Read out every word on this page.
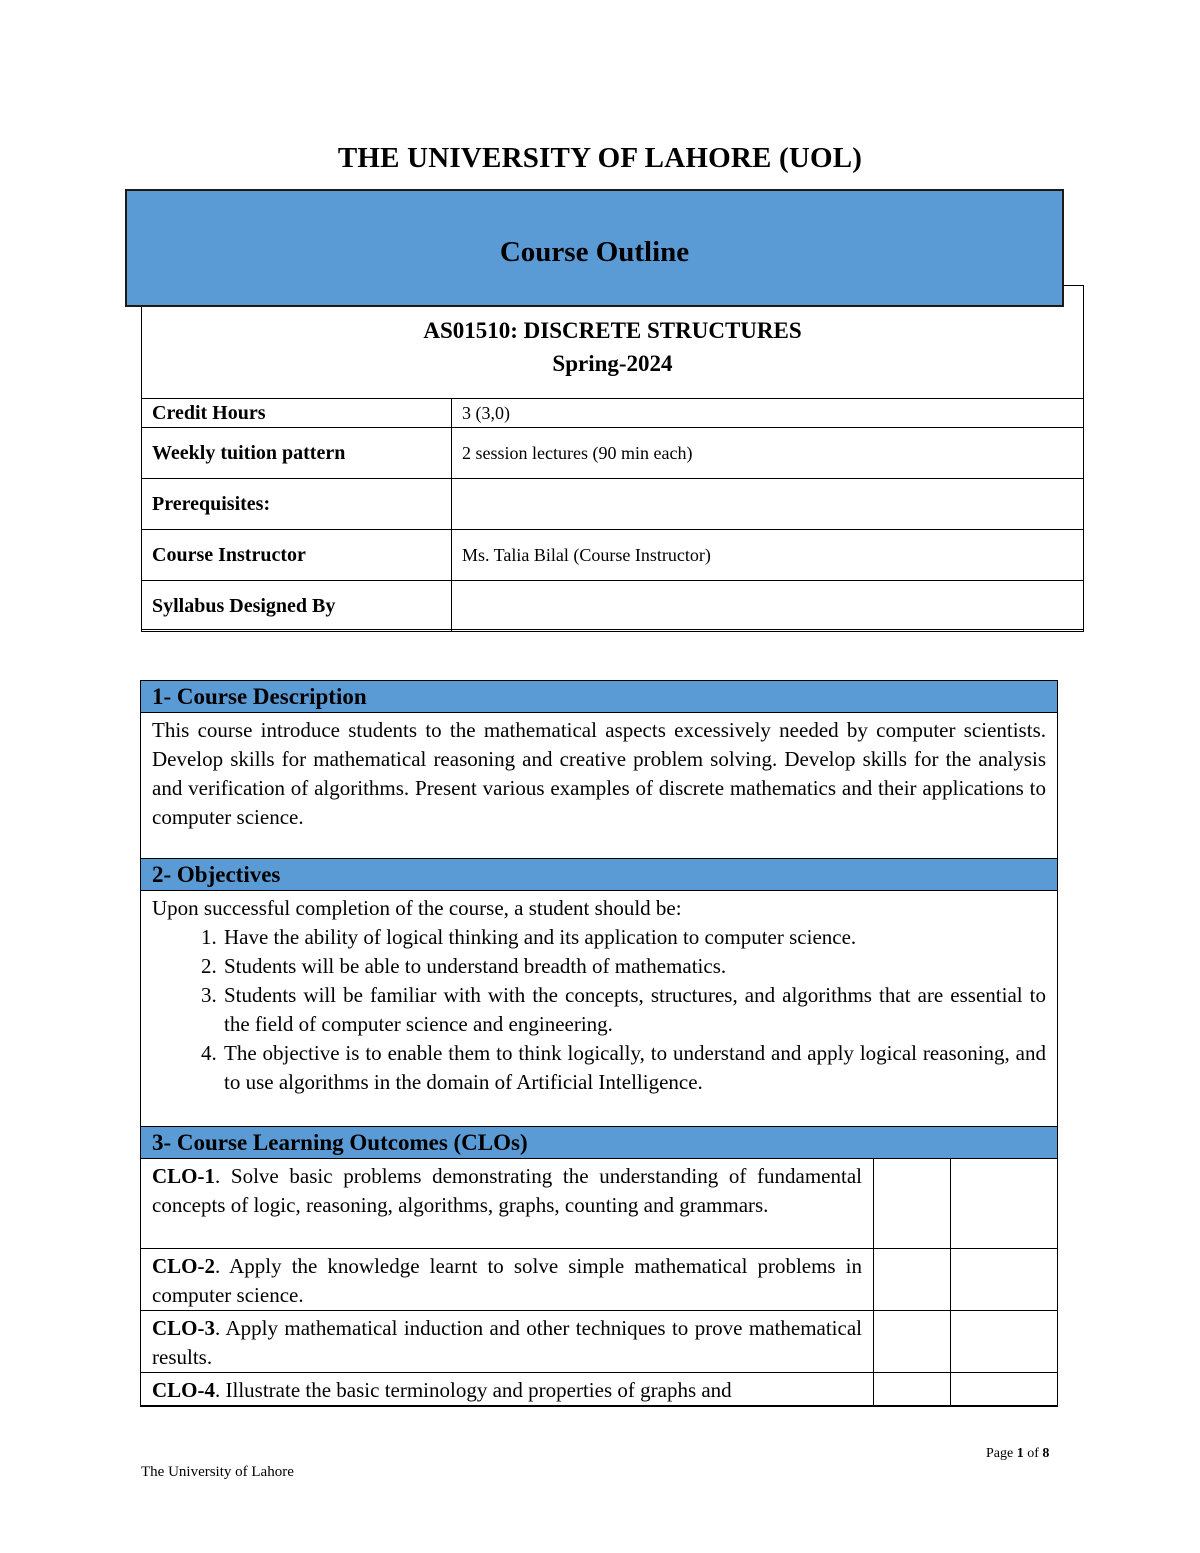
THE UNIVERSITY OF LAHORE (UOL)
Course Outline
AS01510: DISCRETE STRUCTURES
Spring-2024
Credit Hours	3 (3,0)
Weekly tuition pattern	2 session lectures (90 min each)
Prerequisites:	
Course Instructor	Ms. Talia Bilal (Course Instructor)
Syllabus Designed By	
1- Course Description
This course introduce students to the mathematical aspects excessively needed by computer scientists. Develop skills for mathematical reasoning and creative problem solving. Develop skills for the analysis and verification of algorithms. Present various examples of discrete mathematics and their applications to computer science.
2- Objectives

Upon successful completion of the course, a student should be:

1. Have the ability of logical thinking and its application to computer science.
2. Students will be able to understand breadth of mathematics.
3. Students will be familiar with with the concepts, structures, and algorithms that are essential to the field of computer science and engineering.
4. The objective is to enable them to think logically, to understand and apply logical reasoning, and to use algorithms in the domain of Artificial Intelligence.
3- Course Learning Outcomes (CLOs)
CLO-1. Solve basic problems demonstrating the understanding of fundamental concepts of logic, reasoning, algorithms, graphs, counting and grammars.		
CLO-2. Apply the knowledge learnt to solve simple mathematical problems in computer science.		
CLO-3. Apply mathematical induction and other techniques to prove mathematical results.		
CLO-4. Illustrate the basic terminology and properties of graphs and		
Page 1 of 8
The University of Lahore
